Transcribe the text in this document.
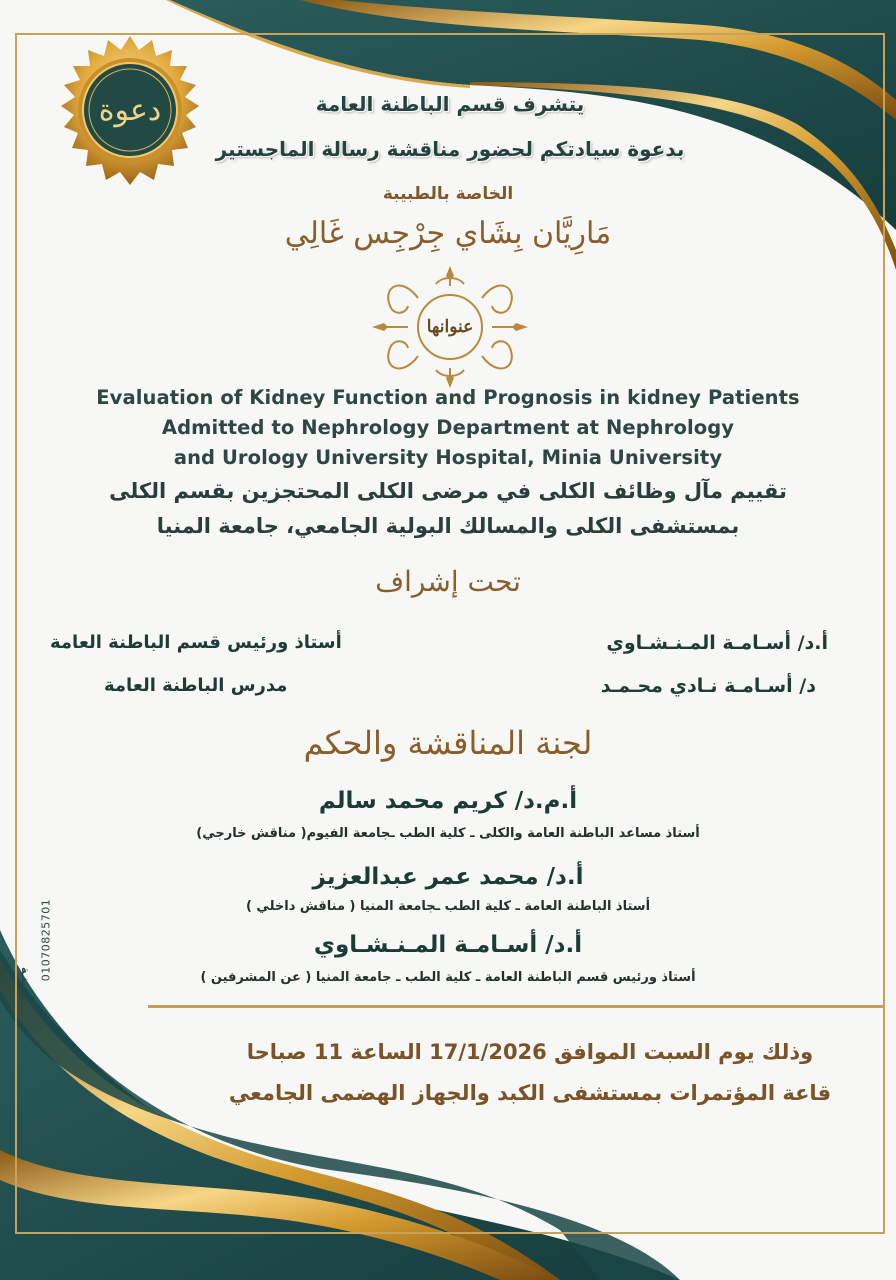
دعوة	يتشرف قسم الباطنة العامة

بدعوة سيادتكم لحضور مناقشة رسالة الماجستير

الخاصة بالطبيبة

مَارِيَّان بِشَاي جِرْجِس غَالِي

عنوانها

Evaluation of Kidney Function and Prognosis in kidney Patients

Admitted to Nephrology Department at Nephrology

and Urology University Hospital, Minia University

تقييم مآل وظائف الكلى في مرضى الكلى المحتجزين بقسم الكلى

بمستشفى الكلى والمسالك البولية الجامعي، جامعة المنيا

تحت إشراف

أ.د/ أسـامـة المـنـشـاوي
أستاذ ورئيس قسم الباطنة العامة
د/ أسـامـة نـادي محـمـد
مدرس الباطنة العامة

لجنة المناقشة والحكم

أ.م.د/ كريم محمد سالم

أستاذ مساعد الباطنة العامة والكلى ـ كلية الطب ـجامعة الفيوم( مناقش خارجي)

أ.د/ محمد عمر عبدالعزيز

أستاذ الباطنة العامة ـ كلية الطب ـجامعة المنيا ( مناقش داخلي )

أ.د/ أسـامـة المـنـشـاوي

أستاذ ورئيس قسم الباطنة العامة ـ كلية الطب ـ جامعة المنيا ( عن المشرفين )

وذلك يوم السبت الموافق 17/1/2026 الساعة 11 صباحا

قاعة المؤتمرات بمستشفى الكبد والجهاز الهضمى الجامعي

زيــنـة
01070825701
